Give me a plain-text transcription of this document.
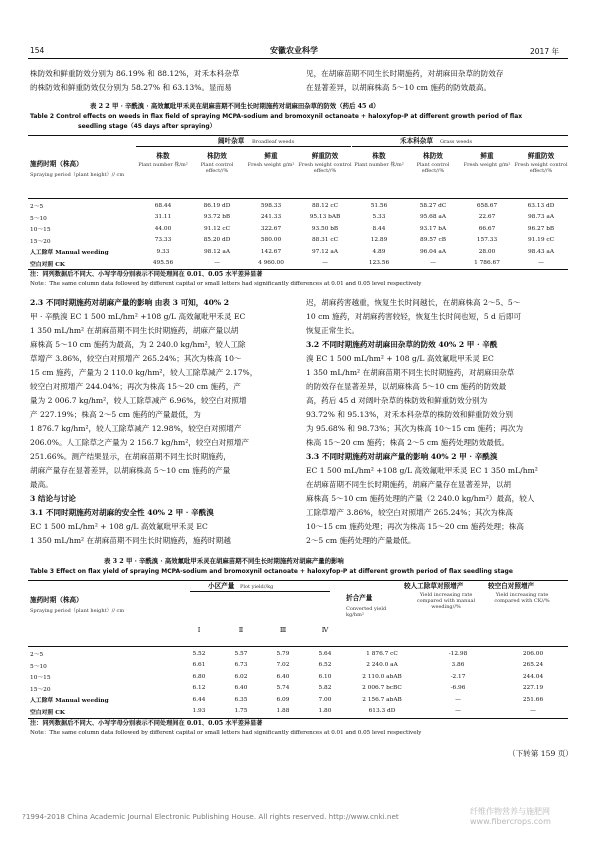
154	安徽农业科学	2017 年
株防效和鲜重防效分别为 86.19% 和 88.12%，对禾本科杂草
的株防效和鲜重防效仅分别为 58.27% 和 63.13%。显而易
见，在胡麻苗期不同生长时期施药，对胡麻田杂草的防效存
在显著差异，以胡麻株高 5～10 cm 施药的防效最高。
表 2 2 甲 · 辛酰溴 · 高效氟吡甲禾灵在胡麻苗期不同生长时期施药对胡麻田杂草的防效（药后 45 d）
Table 2 Control effects on weeds in flax field of spraying MCPA-sodium and bromoxynil octanoate + haloxyfop-P at different growth period of flax
seedling stage（45 days after spraying）
施药时期（株高）
Spraying period（plant height）// cm
阔叶杂草 Broadleaf weeds	禾本科杂草 Grass weeds
株数
Plant number 株/m²
株防效
Plant control effect//%
鲜重
Fresh weight g/m²
鲜重防效
Fresh weight control effect//%
株数
Plant number 株/m²
株防效
Plant control effect//%
鲜重
Fresh weight g/m²
鲜重防效
Fresh weight control effect//%
2～5	68.44	86.19 dD	598.33	88.12 cC	51.56	58.27 dC	658.67	63.13 dD
5～10	31.11	93.72 bB	241.33	95.13 bAB	5.33	95.68 aA	22.67	98.73 aA
10～15	44.00	91.12 cC	322.67	93.50 bB	8.44	93.17 bA	66.67	96.27 bB
15～20	73.33	85.20 dD	580.00	88.31 cC	12.89	89.57 cB	157.33	91.19 cC
人工除草 Manual weeding	9.33	98.12 aA	142.67	97.12 aA	4.89	96.04 aA	28.00	98.43 aA
空白对照 CK	495.56	—	4 960.00	—	123.56	—	1 786.67	—
注：同列数据后不同大、小写字母分别表示不同处理间在 0.01、0.05 水平差异显著
Note：The same column data followed by different capital or small letters had significantly differences at 0.01 and 0.05 level respectively
2.3 不同时期施药对胡麻产量的影响 由表 3 可知，40% 2
甲 · 辛酰溴 EC 1 500 mL/hm² +108 g/L 高效氟吡甲禾灵 EC
1 350 mL/hm² 在胡麻苗期不同生长时期施药，胡麻产量以胡
麻株高 5～10 cm 施药为最高，为 2 240.0 kg/hm²，较人工除
草增产 3.86%，较空白对照增产 265.24%；其次为株高 10～
15 cm 施药，产量为 2 110.0 kg/hm²，较人工除草减产 2.17%，
较空白对照增产 244.04%；再次为株高 15～20 cm 施药，产
量为 2 006.7 kg/hm²，较人工除草减产 6.96%，较空白对照增
产 227.19%；株高 2～5 cm 施药的产量最低，为
1 876.7 kg/hm²，较人工除草减产 12.98%，较空白对照增产
206.0%。人工除草之产量为 2 156.7 kg/hm²，较空白对照增产
251.66%。测产结果显示，在胡麻苗期不同生长时期施药，
胡麻产量存在显著差异，以胡麻株高 5～10 cm 施药的产量
最高。
3 结论与讨论
3.1 不同时期施药对胡麻的安全性 40% 2 甲 · 辛酰溴
EC 1 500 mL/hm² + 108 g/L 高效氟吡甲禾灵 EC
1 350 mL/hm² 在胡麻苗期不同生长时期施药，施药时期越
迟，胡麻药害越重，恢复生长时间越长，在胡麻株高 2～5、5～
10 cm 施药，对胡麻药害较轻，恢复生长时间也短，5 d 后即可
恢复正常生长。
3.2 不同时期施药对胡麻田杂草的防效 40% 2 甲 · 辛酰
溴 EC 1 500 mL/hm² + 108 g/L 高效氟吡甲禾灵 EC
1 350 mL/hm² 在胡麻苗期不同生长时期施药，对胡麻田杂草
的防效存在显著差异，以胡麻株高 5～10 cm 施药的防效最
高，药后 45 d 对阔叶杂草的株防效和鲜重防效分别为
93.72% 和 95.13%，对禾本科杂草的株防效和鲜重防效分别
为 95.68% 和 98.73%；其次为株高 10～15 cm 施药；再次为
株高 15～20 cm 施药；株高 2～5 cm 施药处理防效最低。
3.3 不同时期施药对胡麻产量的影响 40% 2 甲 · 辛酰溴
EC 1 500 mL/hm² +108 g/L 高效氟吡甲禾灵 EC 1 350 mL/hm²
在胡麻苗期不同生长时期施药，胡麻产量存在显著差异，以胡
麻株高 5～10 cm 施药处理的产量（2 240.0 kg/hm²）最高，较人
工除草增产 3.86%，较空白对照增产 265.24%；其次为株高
10～15 cm 施药处理；再次为株高 15～20 cm 施药处理；株高
2～5 cm 施药处理的产量最低。
表 3 2 甲 · 辛酰溴 · 高效氟吡甲禾灵在胡麻苗期不同生长时期施药对胡麻产量的影响
Table 3 Effect on flax yield of spraying MCPA-sodium and bromoxynil octanoate + haloxyfop-P at different growth period of flax seedling stage
施药时期（株高）
Spraying period（plant height）// cm
小区产量 Plot yield//kg
Ⅰ	Ⅱ	Ⅲ	Ⅳ
折合产量
Converted yield kg/hm²
较人工除草对照增产
Yield increasing rate compared with manual weeding//%
较空白对照增产
Yield increasing rate compared with CK//%
2～5	5.52	5.57	5.79	5.64	1 876.7 cC	-12.98	206.00
5～10	6.61	6.73	7.02	6.52	2 240.0 aA	3.86	265.24
10～15	6.80	6.02	6.40	6.10	2 110.0 abAB	-2.17	244.04
15～20	6.12	6.40	5.74	5.82	2 006.7 bcBC	-6.96	227.19
人工除草 Manual weeding	6.44	6.35	6.09	7.00	2 156.7 abAB	—	251.66
空白对照 CK	1.93	1.75	1.88	1.80	613.3 dD	—	—
注：同列数据后不同大、小写字母分别表示不同处理间在 0.01、0.05 水平差异显著
Note：The same column data followed by different capital or small letters had significantly differences at 0.01 and 0.05 level respectively
（下转第 159 页）
?1994-2018 China Academic Journal Electronic Publishing House. All rights reserved. http://www.cnki.net
纤维作物营养与施肥网 www.fibercrops.com
